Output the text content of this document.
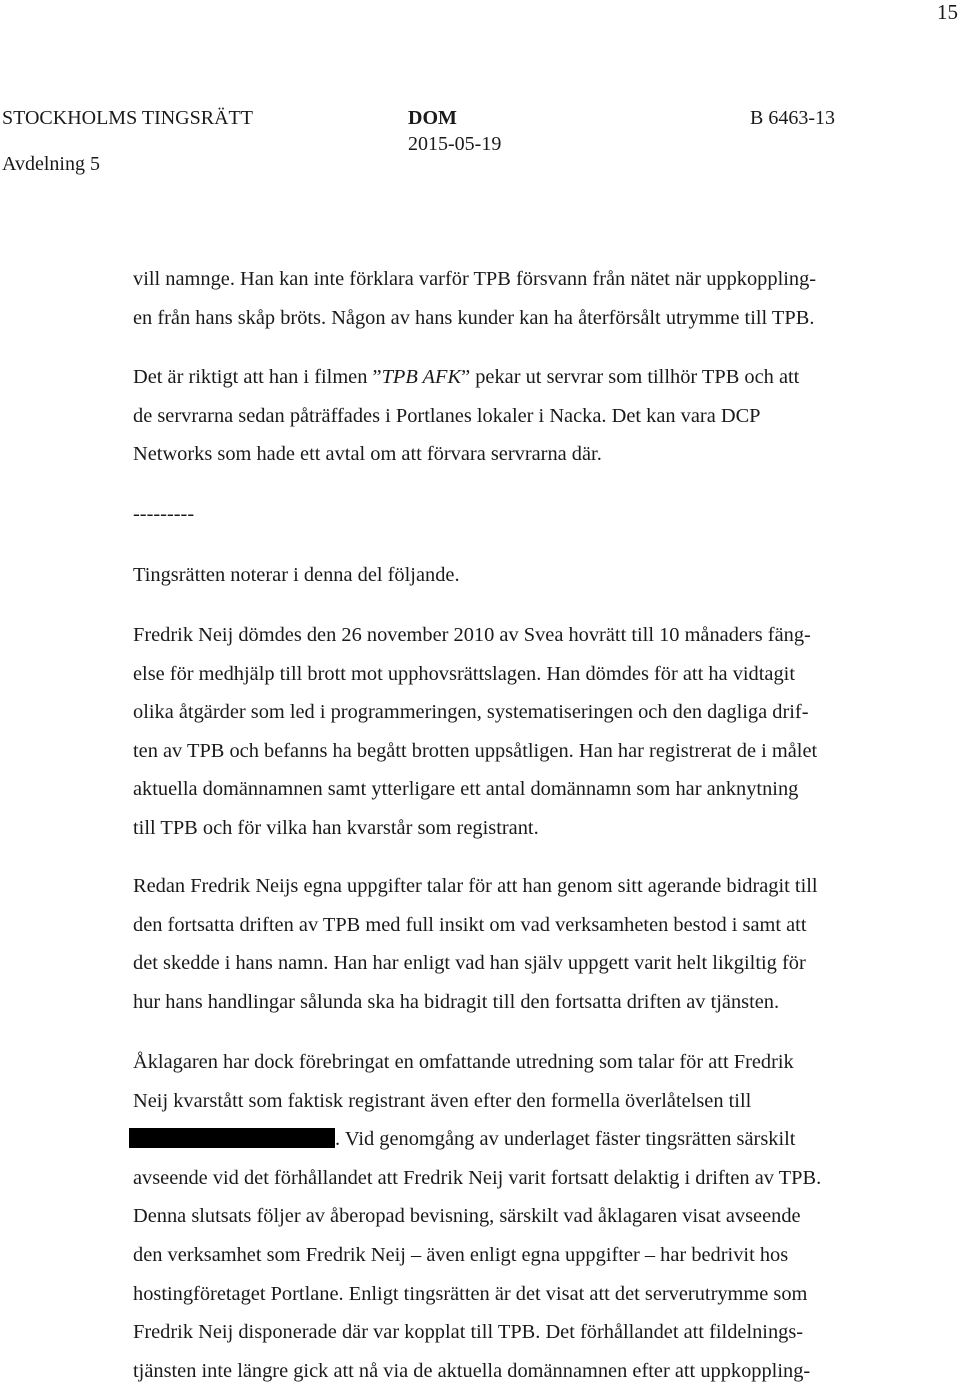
15
STOCKHOLMS TINGSRÄTT
Avdelning 5
DOM
2015-05-19
B 6463-13
vill namnge. Han kan inte förklara varför TPB försvann från nätet när uppkoppling-
en från hans skåp bröts. Någon av hans kunder kan ha återförsålt utrymme till TPB.
Det är riktigt att han i filmen ”TPB AFK” pekar ut servrar som tillhör TPB och att
de servrarna sedan påträffades i Portlanes lokaler i Nacka. Det kan vara DCP
Networks som hade ett avtal om att förvara servrarna där.
---------
Tingsrätten noterar i denna del följande.
Fredrik Neij dömdes den 26 november 2010 av Svea hovrätt till 10 månaders fäng-
else för medhjälp till brott mot upphovsrättslagen. Han dömdes för att ha vidtagit
olika åtgärder som led i programmeringen, systematiseringen och den dagliga drif-
ten av TPB och befanns ha begått brotten uppsåtligen. Han har registrerat de i målet
aktuella domännamnen samt ytterligare ett antal domännamn som har anknytning
till TPB och för vilka han kvarstår som registrant.
Redan Fredrik Neijs egna uppgifter talar för att han genom sitt agerande bidragit till
den fortsatta driften av TPB med full insikt om vad verksamheten bestod i samt att
det skedde i hans namn. Han har enligt vad han själv uppgett varit helt likgiltig för
hur hans handlingar sålunda ska ha bidragit till den fortsatta driften av tjänsten.
Åklagaren har dock förebringat en omfattande utredning som talar för att Fredrik
Neij kvarstått som faktisk registrant även efter den formella överlåtelsen till
. Vid genomgång av underlaget fäster tingsrätten särskilt
avseende vid det förhållandet att Fredrik Neij varit fortsatt delaktig i driften av TPB.
Denna slutsats följer av åberopad bevisning, särskilt vad åklagaren visat avseende
den verksamhet som Fredrik Neij – även enligt egna uppgifter – har bedrivit hos
hostingföretaget Portlane. Enligt tingsrätten är det visat att det serverutrymme som
Fredrik Neij disponerade där var kopplat till TPB. Det förhållandet att fildelnings-
tjänsten inte längre gick att nå via de aktuella domännamnen efter att uppkoppling-
